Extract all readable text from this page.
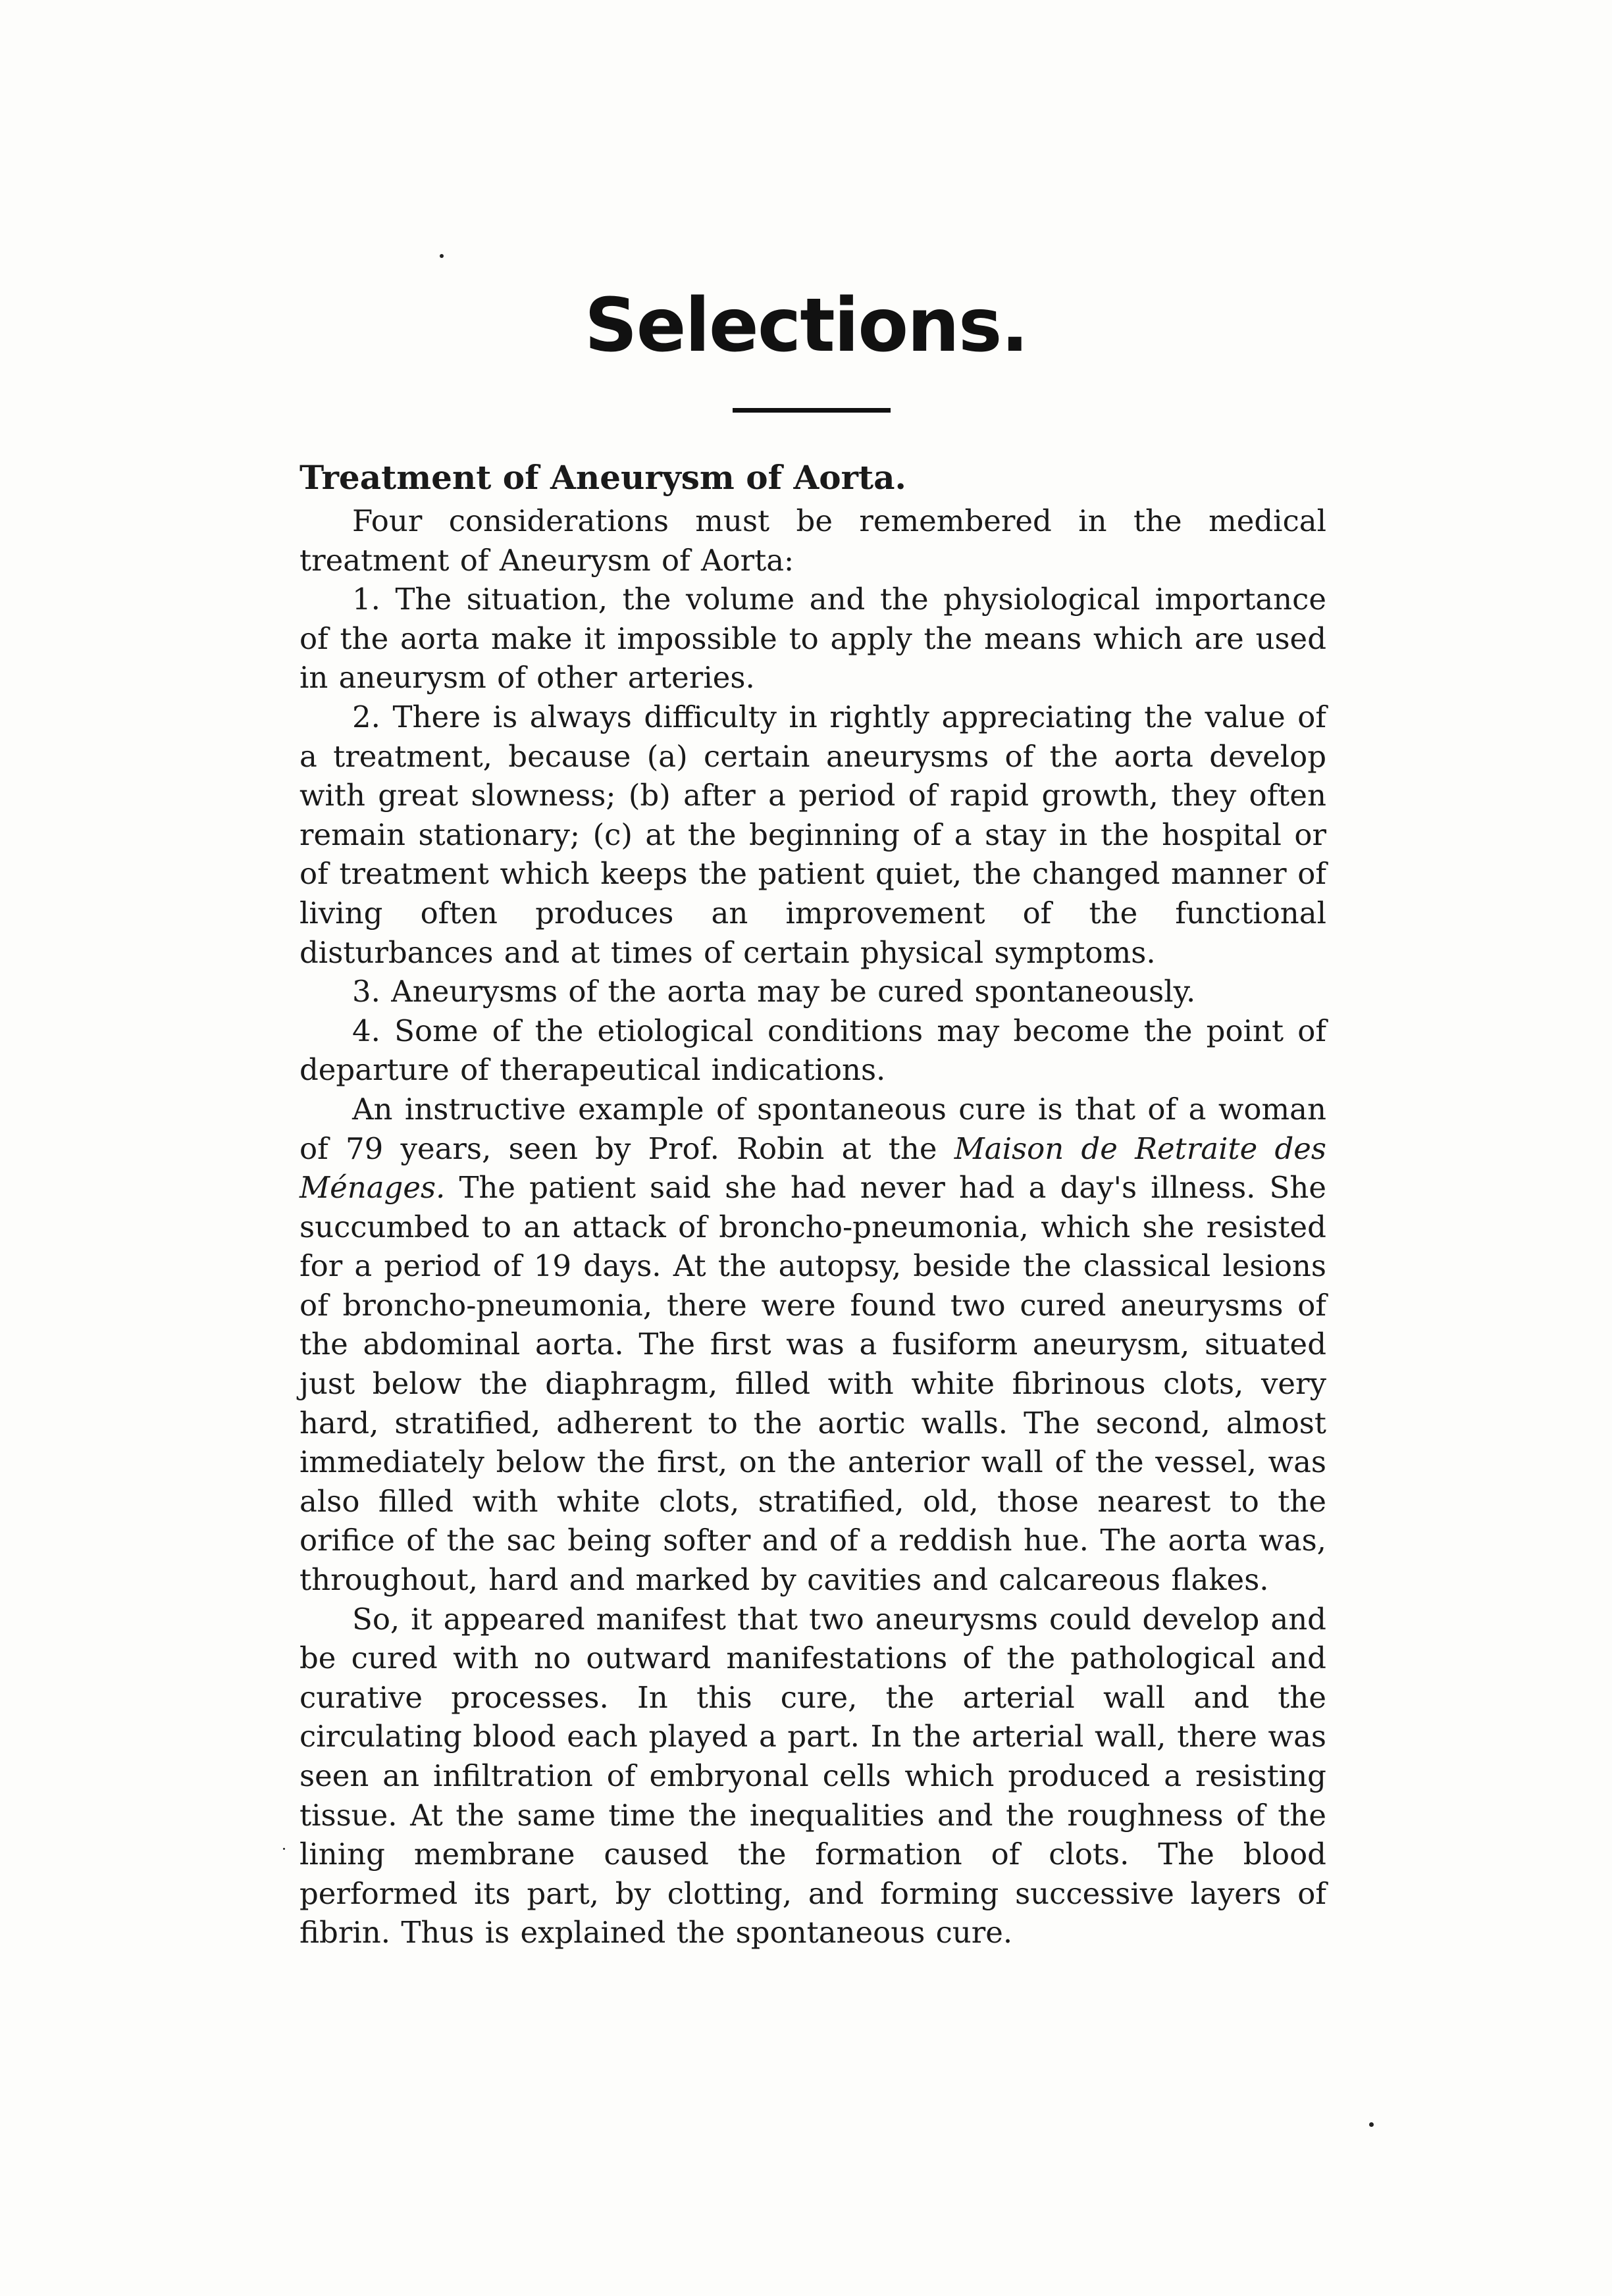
Selections.
Treatment of Aneurysm of Aorta.

Four considerations must be remembered in the medical treatment of Aneurysm of Aorta:

1. The situation, the volume and the physiological importance of the aorta make it impossible to apply the means which are used in aneurysm of other arteries.

2. There is always difficulty in rightly appreciating the value of a treatment, because (a) certain aneurysms of the aorta develop with great slowness; (b) after a period of rapid growth, they often remain stationary; (c) at the beginning of a stay in the hospital or of treatment which keeps the patient quiet, the changed manner of living often produces an improvement of the functional disturbances and at times of certain physical symptoms.

3. Aneurysms of the aorta may be cured spontaneously.

4. Some of the etiological conditions may become the point of departure of therapeutical indications.

An instructive example of spontaneous cure is that of a woman of 79 years, seen by Prof. Robin at the Maison de Retraite des Ménages. The patient said she had never had a day's illness. She succumbed to an attack of broncho-pneumonia, which she resisted for a period of 19 days. At the autopsy, beside the classical lesions of broncho-pneumonia, there were found two cured aneurysms of the abdominal aorta. The first was a fusiform aneurysm, situated just below the diaphragm, filled with white fibrinous clots, very hard, stratified, adherent to the aortic walls. The second, almost immediately below the first, on the anterior wall of the vessel, was also filled with white clots, stratified, old, those nearest to the orifice of the sac being softer and of a reddish hue. The aorta was, throughout, hard and marked by cavities and calcareous flakes.

So, it appeared manifest that two aneurysms could develop and be cured with no outward manifestations of the pathological and curative processes. In this cure, the arterial wall and the circulating blood each played a part. In the arterial wall, there was seen an infiltration of embryonal cells which produced a resisting tissue. At the same time the inequalities and the roughness of the lining membrane caused the formation of clots. The blood performed its part, by clotting, and forming successive layers of fibrin. Thus is explained the spontaneous cure.
